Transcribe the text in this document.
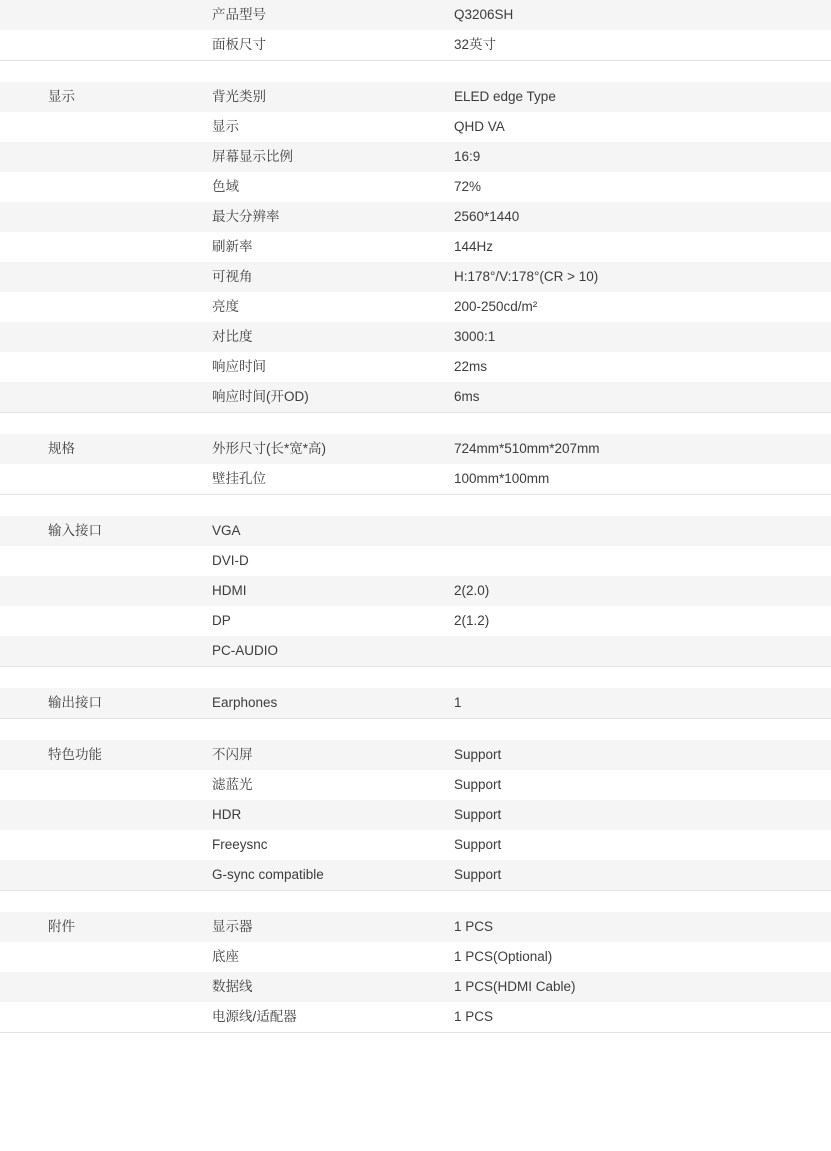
	产品型号	Q3206SH

	面板尺寸	32英寸

显示	背光类别	ELED edge Type

	显示	QHD VA

	屏幕显示比例	16:9

	色域	72%

	最大分辨率	2560*1440

	刷新率	144Hz

	可视角	H:178°/V:178°(CR > 10)

	亮度	200-250cd/m²

	对比度	3000:1

	响应时间	22ms

	响应时间(开OD)	6ms

规格	外形尺寸(长*宽*高)	724mm*510mm*207mm

	壁挂孔位	100mm*100mm

输入接口	VGA	

	DVI-D	

	HDMI	2(2.0)

	DP	2(1.2)

	PC-AUDIO	

输出接口	Earphones	1

特色功能	不闪屏	Support

	滤蓝光	Support

	HDR	Support

	Freeysnc	Support

	G-sync compatible	Support

附件	显示器	1 PCS

	底座	1 PCS(Optional)

	数据线	1 PCS(HDMI Cable)

	电源线/适配器	1 PCS
